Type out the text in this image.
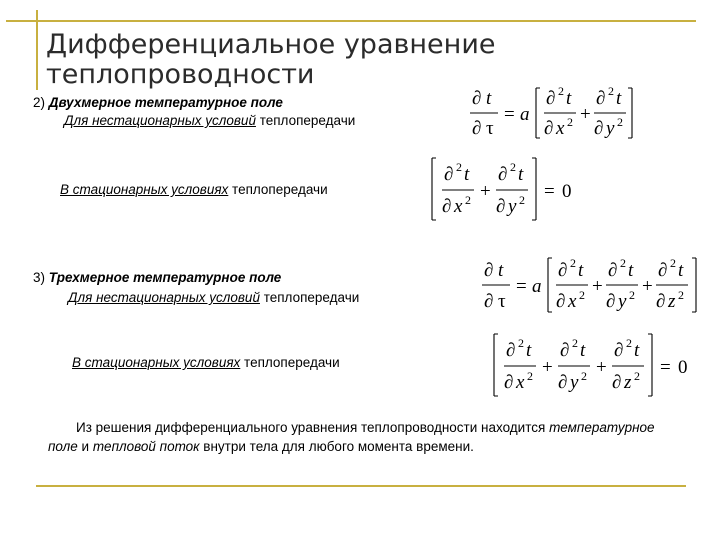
Дифференциальное уравнение теплопроводности
2) Двухмерное температурное поле
Для нестационарных условий теплопередачи
В стационарных условиях теплопередачи
3) Трехмерное температурное поле
Для нестационарных условий теплопередачи
В стационарных условиях теплопередачи
Из решения дифференциального уравнения теплопроводности находится температурное поле и тепловой поток внутри тела для любого момента времени.
∂ t
∂ τ
= a
∂ 2 t
∂ x 2 +
∂ 2 t
∂ y 2
∂ 2 t
∂ x 2 +
∂ 2 t
∂ y 2 = 0
∂ t
∂ τ
= a
∂ 2 t
∂ x 2 +
∂ 2 t
∂ y 2 +
∂ 2 t
∂ z 2
∂ 2 t
∂ x 2 +
∂ 2 t
∂ y 2 +
∂ 2 t
∂ z 2 = 0
